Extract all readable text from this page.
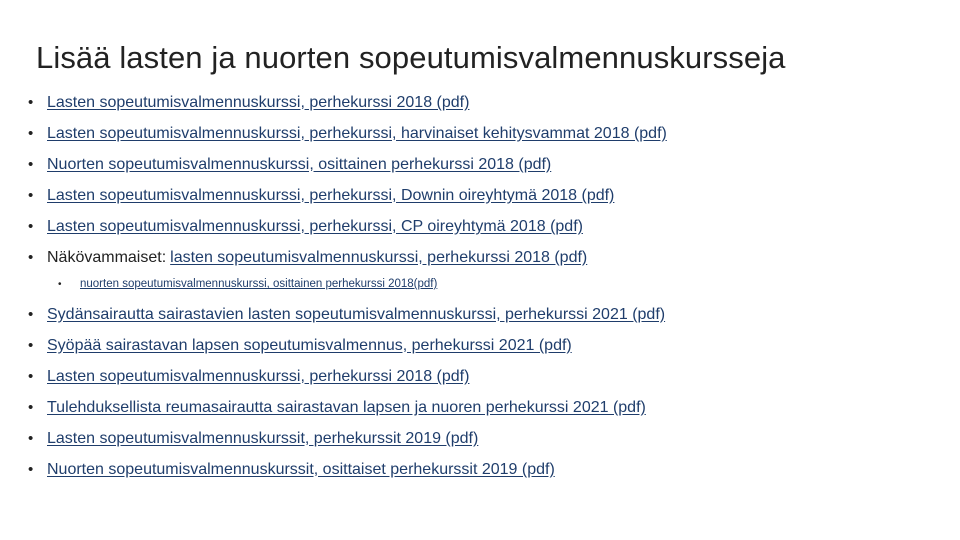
Lisää lasten ja nuorten sopeutumisvalmennuskursseja
• Lasten sopeutumisvalmennuskurssi, perhekurssi 2018 (pdf)
• Lasten sopeutumisvalmennuskurssi, perhekurssi, harvinaiset kehitysvammat 2018 (pdf)
• Nuorten sopeutumisvalmennuskurssi, osittainen perhekurssi 2018 (pdf)
• Lasten sopeutumisvalmennuskurssi, perhekurssi, Downin oireyhtymä 2018 (pdf)
• Lasten sopeutumisvalmennuskurssi, perhekurssi, CP oireyhtymä 2018 (pdf)
• Näkövammaiset: lasten sopeutumisvalmennuskurssi, perhekurssi 2018 (pdf)
•	nuorten sopeutumisvalmennuskurssi, osittainen perhekurssi 2018(pdf)
• Sydänsairautta sairastavien lasten sopeutumisvalmennuskurssi, perhekurssi 2021 (pdf)
• Syöpää sairastavan lapsen sopeutumisvalmennus, perhekurssi 2021 (pdf)
• Lasten sopeutumisvalmennuskurssi, perhekurssi 2018 (pdf)
• Tulehduksellista reumasairautta sairastavan lapsen ja nuoren perhekurssi 2021 (pdf)
• Lasten sopeutumisvalmennuskurssit, perhekurssit 2019 (pdf)
• Nuorten sopeutumisvalmennuskurssit, osittaiset perhekurssit 2019 (pdf)
